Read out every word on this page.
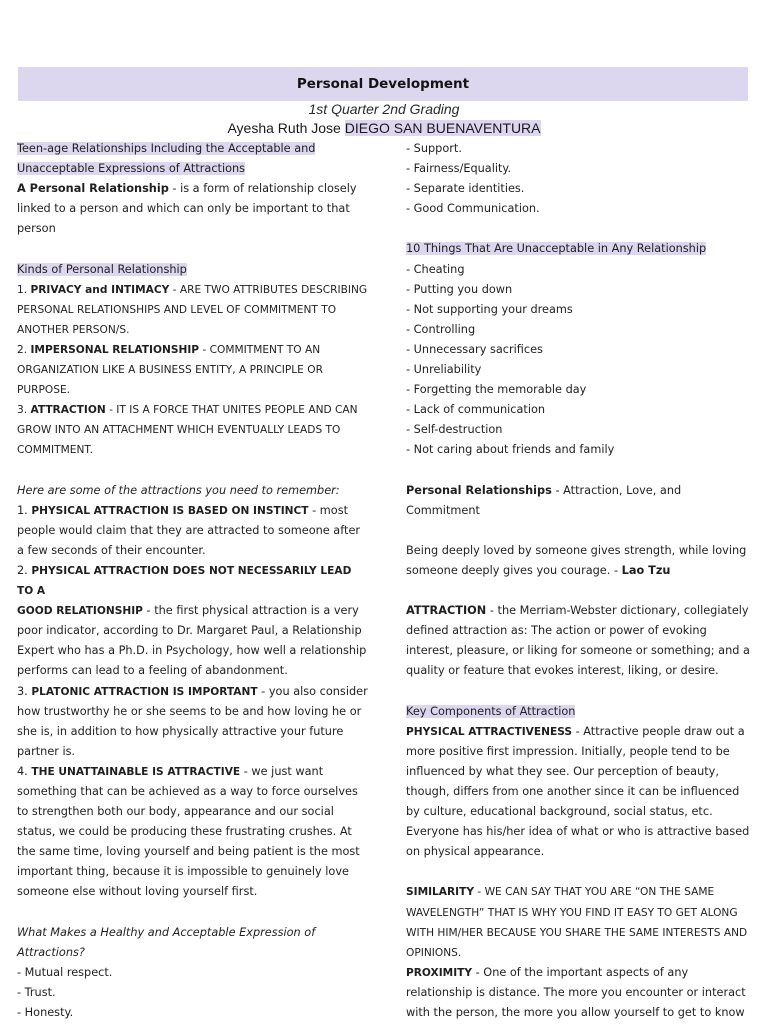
Personal Development
1st Quarter 2nd Grading
Ayesha Ruth Jose DIEGO SAN BUENAVENTURA

Teen-age Relationships Including the Acceptable and

Unacceptable Expressions of Attractions

A Personal Relationship - is a form of relationship closely

linked to a person and which can only be important to that

person

Kinds of Personal Relationship

1. PRIVACY and INTIMACY - ARE TWO ATTRIBUTES DESCRIBING

PERSONAL RELATIONSHIPS AND LEVEL OF COMMITMENT TO

ANOTHER PERSON/S.

2. IMPERSONAL RELATIONSHIP - COMMITMENT TO AN

ORGANIZATION LIKE A BUSINESS ENTITY, A PRINCIPLE OR

PURPOSE.

3. ATTRACTION - IT IS A FORCE THAT UNITES PEOPLE AND CAN

GROW INTO AN ATTACHMENT WHICH EVENTUALLY LEADS TO

COMMITMENT.

Here are some of the attractions you need to remember:

1. PHYSICAL ATTRACTION IS BASED ON INSTINCT - most

people would claim that they are attracted to someone after

a few seconds of their encounter.

2. PHYSICAL ATTRACTION DOES NOT NECESSARILY LEAD TO A

GOOD RELATIONSHIP - the first physical attraction is a very

poor indicator, according to Dr. Margaret Paul, a Relationship

Expert who has a Ph.D. in Psychology, how well a relationship

performs can lead to a feeling of abandonment.

3. PLATONIC ATTRACTION IS IMPORTANT - you also consider

how trustworthy he or she seems to be and how loving he or

she is, in addition to how physically attractive your future

partner is.

4. THE UNATTAINABLE IS ATTRACTIVE - we just want

something that can be achieved as a way to force ourselves

to strengthen both our body, appearance and our social

status, we could be producing these frustrating crushes. At

the same time, loving yourself and being patient is the most

important thing, because it is impossible to genuinely love

someone else without loving yourself first.

What Makes a Healthy and Acceptable Expression of

Attractions?

- Mutual respect.

- Trust.

- Honesty.

- Support.

- Fairness/Equality.

- Separate identities.

- Good Communication.

10 Things That Are Unacceptable in Any Relationship

- Cheating

- Putting you down

- Not supporting your dreams

- Controlling

- Unnecessary sacrifices

- Unreliability

- Forgetting the memorable day

- Lack of communication

- Self-destruction

- Not caring about friends and family

Personal Relationships - Attraction, Love, and Commitment

Being deeply loved by someone gives strength, while loving

someone deeply gives you courage. - Lao Tzu

ATTRACTION - the Merriam-Webster dictionary, collegiately

defined attraction as: The action or power of evoking

interest, pleasure, or liking for someone or something; and a

quality or feature that evokes interest, liking, or desire.

Key Components of Attraction

PHYSICAL ATTRACTIVENESS - Attractive people draw out a

more positive first impression. Initially, people tend to be

influenced by what they see. Our perception of beauty,

though, differs from one another since it can be influenced

by culture, educational background, social status, etc.

Everyone has his/her idea of what or who is attractive based

on physical appearance.

SIMILARITY - WE CAN SAY THAT YOU ARE “ON THE SAME

WAVELENGTH” THAT IS WHY YOU FIND IT EASY TO GET ALONG

WITH HIM/HER BECAUSE YOU SHARE THE SAME INTERESTS AND

OPINIONS.

PROXIMITY - One of the important aspects of any

relationship is distance. The more you encounter or interact

with the person, the more you allow yourself to get to know
